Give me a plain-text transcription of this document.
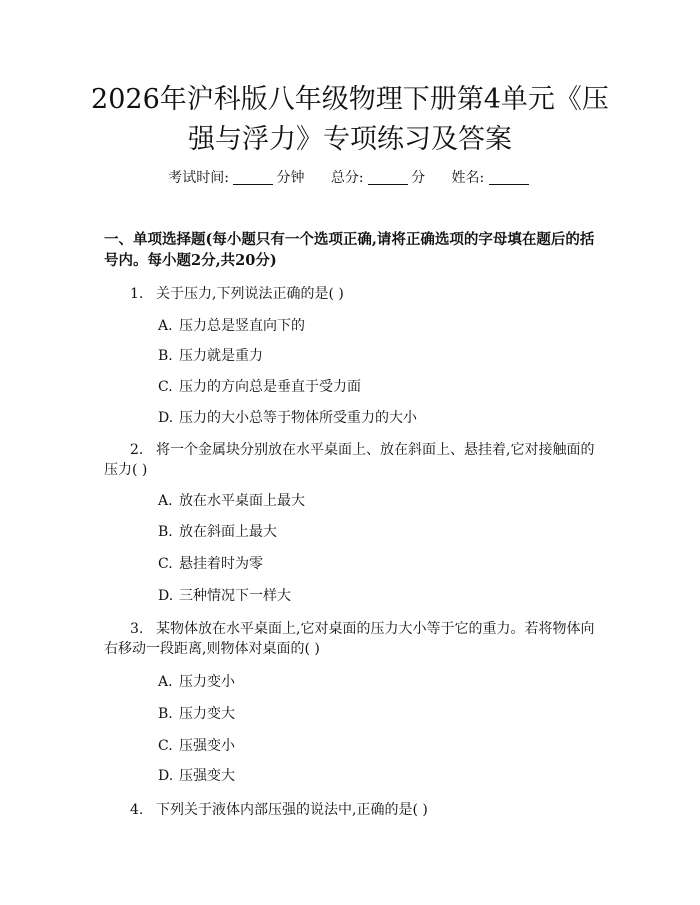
2026年沪科版八年级物理下册第4单元《压
强与浮力》专项练习及答案
考试时间:	分钟 总分:	分 姓名:
一、单项选择题(每小题只有一个选项正确,请将正确选项的字母填在题后的括号内。每小题2分,共20分)
1. 关于压力,下列说法正确的是( )
A. 压力总是竖直向下的
B. 压力就是重力
C. 压力的方向总是垂直于受力面
D. 压力的大小总等于物体所受重力的大小
2. 将一个金属块分别放在水平桌面上、放在斜面上、悬挂着,它对接触面的压力( )
A. 放在水平桌面上最大
B. 放在斜面上最大
C. 悬挂着时为零
D. 三种情况下一样大
3. 某物体放在水平桌面上,它对桌面的压力大小等于它的重力。若将物体向右移动一段距离,则物体对桌面的( )
A. 压力变小
B. 压力变大
C. 压强变小
D. 压强变大
4. 下列关于液体内部压强的说法中,正确的是( )
